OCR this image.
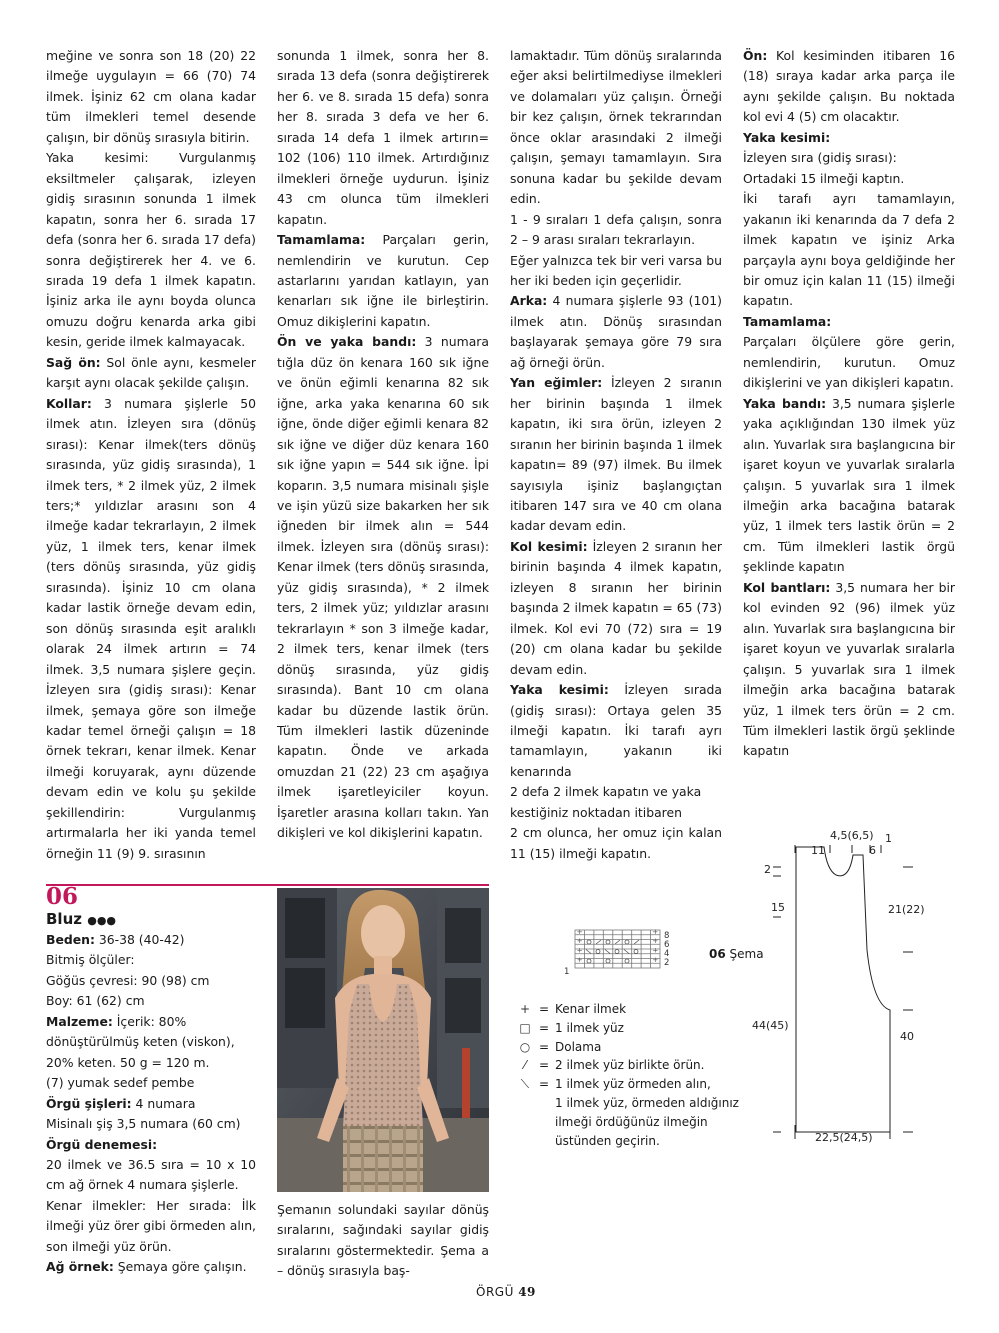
meğine ve sonra son 18 (20) 22 ilmeğe uygulayın = 66 (70) 74 ilmek. İşiniz 62 cm olana kadar tüm ilmekleri temel desende çalışın, bir dönüş sırasıyla bitirin.

Yaka kesimi: Vurgulanmış eksiltmeler çalışarak, izleyen gidiş sırasının sonunda 1 ilmek kapatın, sonra her 6. sırada 17 defa (sonra her 6. sırada 17 defa) sonra değiştirerek her 4. ve 6. sırada 19 defa 1 ilmek kapatın. İşiniz arka ile aynı boyda olunca omuzu doğru kenarda arka gibi kesin, geride ilmek kalmayacak.

Sağ ön: Sol önle aynı, kesmeler karşıt aynı olacak şekilde çalışın.

Kollar: 3 numara şişlerle 50 ilmek atın. İzleyen sıra (dönüş sırası): Kenar ilmek(ters dönüş sırasında, yüz gidiş sırasında), 1 ilmek ters, * 2 ilmek yüz, 2 ilmek ters;* yıldızlar arasını son 4 ilmeğe kadar tekrarlayın, 2 ilmek yüz, 1 ilmek ters, kenar ilmek (ters dönüş sırasında, yüz gidiş sırasında). İşiniz 10 cm olana kadar lastik örneğe devam edin, son dönüş sırasında eşit aralıklı olarak 24 ilmek artırın = 74 ilmek. 3,5 numara şişlere geçin. İzleyen sıra (gidiş sırası): Kenar ilmek, şemaya göre son ilmeğe kadar temel örneği çalışın = 18 örnek tekrarı, kenar ilmek. Kenar ilmeği koruyarak, aynı düzende devam edin ve kolu şu şekilde şekillendirin: Vurgulanmış artırmalarla her iki yanda temel örneğin 11 (9) 9. sırasının

sonunda 1 ilmek, sonra her 8. sırada 13 defa (sonra değiştirerek her 6. ve 8. sırada 15 defa) sonra her 8. sırada 3 defa ve her 6. sırada 14 defa 1 ilmek artırın= 102 (106) 110 ilmek. Artırdığınız ilmekleri örneğe uydurun. İşiniz 43 cm olunca tüm ilmekleri kapatın.

Tamamlama: Parçaları gerin, nemlendirin ve kurutun. Cep astarlarını yarıdan katlayın, yan kenarları sık iğne ile birleştirin. Omuz dikişlerini kapatın.

Ön ve yaka bandı: 3 numara tığla düz ön kenara 160 sık iğne ve önün eğimli kenarına 82 sık iğne, arka yaka kenarına 60 sık iğne, önde diğer eğimli kenara 82 sık iğne ve diğer düz kenara 160 sık iğne yapın = 544 sık iğne. İpi koparın. 3,5 numara misinalı şişle ve işin yüzü size bakarken her sık iğneden bir ilmek alın = 544 ilmek. İzleyen sıra (dönüş sırası): Kenar ilmek (ters dönüş sırasında, yüz gidiş sırasında), * 2 ilmek ters, 2 ilmek yüz; yıldızlar arasını tekrarlayın * son 3 ilmeğe kadar, 2 ilmek ters, kenar ilmek (ters dönüş sırasında, yüz gidiş sırasında). Bant 10 cm olana kadar bu düzende lastik örün. Tüm ilmekleri lastik düzeninde kapatın. Önde ve arkada omuzdan 21 (22) 23 cm aşağıya ilmek işaretleyiciler koyun. İşaretler arasına kolları takın. Yan dikişleri ve kol dikişlerini kapatın.

lamaktadır. Tüm dönüş sıralarında eğer aksi belirtilmediyse ilmekleri ve dolamaları yüz çalışın. Örneği bir kez çalışın, örnek tekrarından önce oklar arasındaki 2 ilmeği çalışın, şemayı tamamlayın. Sıra sonuna kadar bu şekilde devam edin.

1 - 9 sıraları 1 defa çalışın, sonra 2 – 9 arası sıraları tekrarlayın.

Eğer yalnızca tek bir veri varsa bu her iki beden için geçerlidir.

Arka: 4 numara şişlerle 93 (101) ilmek atın. Dönüş sırasından başlayarak şemaya göre 79 sıra ağ örneği örün.

Yan eğimler: İzleyen 2 sıranın her birinin başında 1 ilmek kapatın, iki sıra örün, izleyen 2 sıranın her birinin başında 1 ilmek kapatın= 89 (97) ilmek. Bu ilmek sayısıyla işiniz başlangıçtan itibaren 147 sıra ve 40 cm olana kadar devam edin.

Kol kesimi: İzleyen 2 sıranın her birinin başında 4 ilmek kapatın, izleyen 8 sıranın her birinin başında 2 ilmek kapatın = 65 (73) ilmek. Kol evi 70 (72) sıra = 19 (20) cm olana kadar bu şekilde devam edin.

Yaka kesimi: İzleyen sırada (gidiş sırası): Ortaya gelen 35 ilmeği kapatın. İki tarafı ayrı tamamlayın, yakanın iki kenarında

2 defa 2 ilmek kapatın ve yaka kestiğiniz noktadan itibaren

2 cm olunca, her omuz için kalan 11 (15) ilmeği kapatın.

Ön: Kol kesiminden itibaren 16 (18) sıraya kadar arka parça ile aynı şekilde çalışın. Bu noktada kol evi 4 (5) cm olacaktır.

Yaka kesimi:

İzleyen sıra (gidiş sırası):

Ortadaki 15 ilmeği kaptın.

İki tarafı ayrı tamamlayın, yakanın iki kenarında da 7 defa 2 ilmek kapatın ve işiniz Arka parçayla aynı boya geldiğinde her bir omuz için kalan 11 (15) ilmeği kapatın.

Tamamlama:

Parçaları ölçülere göre gerin, nemlendirin, kurutun. Omuz dikişlerini ve yan dikişleri kapatın.

Yaka bandı: 3,5 numara şişlerle yaka açıklığından 130 ilmek yüz alın. Yuvarlak sıra başlangıcına bir işaret koyun ve yuvarlak sıralarla çalışın. 5 yuvarlak sıra 1 ilmek ilmeğin arka bacağına batarak yüz, 1 ilmek ters lastik örün = 2 cm. Tüm ilmekleri lastik örgü şeklinde kapatın

Kol bantları: 3,5 numara her bir kol evinden 92 (96) ilmek yüz alın. Yuvarlak sıra başlangıcına bir işaret koyun ve yuvarlak sıralarla çalışın. 5 yuvarlak sıra 1 ilmek ilmeğin arka bacağına batarak yüz, 1 ilmek ters örün = 2 cm. Tüm ilmekleri lastik örgü şeklinde kapatın

06
Bluz ●●●

Beden: 36-38 (40-42)

Bitmiş ölçüler:

Göğüs çevresi: 90 (98) cm

Boy: 61 (62) cm

Malzeme: İçerik: 80% dönüştürülmüş keten (viskon), 20% keten. 50 g = 120 m.

(7) yumak sedef pembe

Örgü şişleri: 4 numara

Misinalı şiş 3,5 numara (60 cm)

Örgü denemesi:

20 ilmek ve 36.5 sıra = 10 x 10 cm ağ örnek 4 numara şişlerle.

Kenar ilmekler: Her sırada: İlk ilmeği yüz örer gibi örmeden alın, son ilmeği yüz örün.

Ağ örnek: Şemaya göre çalışın.

Şemanın solundaki sayılar dönüş sıralarını, sağındaki sayılar gidiş sıralarını göstermektedir. Şema a – dönüş sırasıyla baş-

+	+
+	+
+	+
+	+
8
6
4
2
1
06 Şema
+ = Kenar ilmek
□ = 1 ilmek yüz
○ = Dolama
⁄	= 2 ilmek yüz birlikte örün.
⟍ = 1 ilmek yüz örmeden alın,
1 ilmek yüz, örmeden aldığınız
ilmeği ördüğünüz ilmeğin
üstünden geçirin.
11
4,5(6,5)
6
1
2
15	21(22)
44(45)
40
22,5(24,5)
ÖRGÜ 49
